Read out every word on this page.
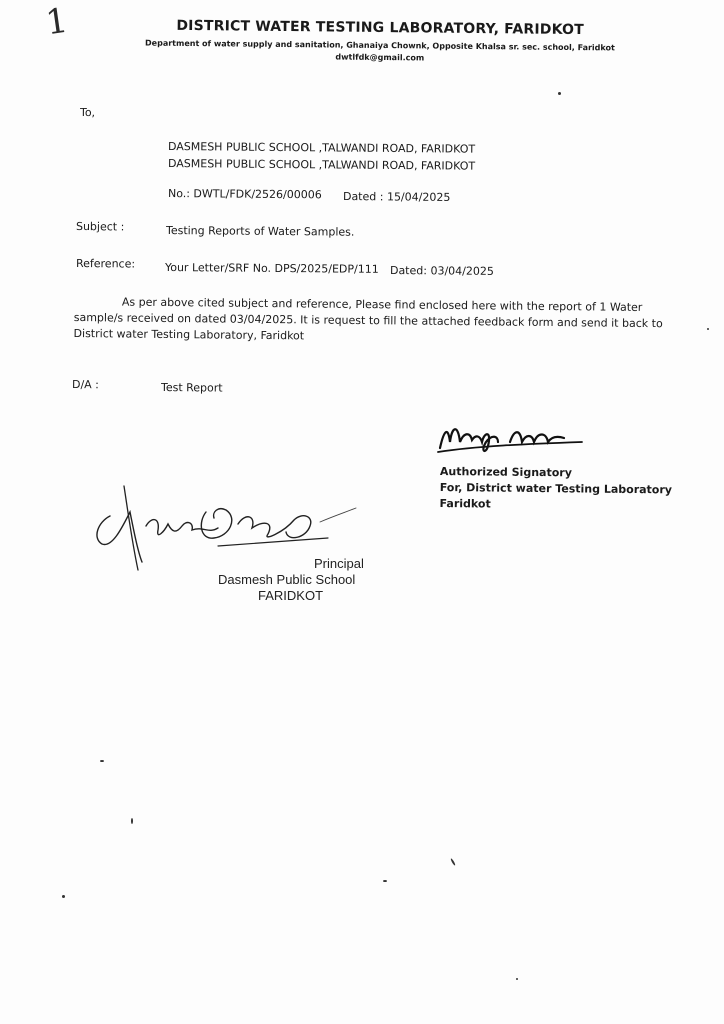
1	DISTRICT WATER TESTING LABORATORY, FARIDKOT
Department of water supply and sanitation, Ghanaiya Chownk, Opposite Khalsa sr. sec. school, Faridkot
dwtlfdk@gmail.com
To,
DASMESH PUBLIC SCHOOL ,TALWANDI ROAD, FARIDKOT
DASMESH PUBLIC SCHOOL ,TALWANDI ROAD, FARIDKOT
No.: DWTL/FDK/2526/00006 Dated : 15/04/2025
Subject :	Testing Reports of Water Samples.
Reference:	Your Letter/SRF No. DPS/2025/EDP/111 Dated: 03/04/2025
As per above cited subject and reference, Please find enclosed here with the report of 1 Water sample/s received on dated 03/04/2025. It is request to fill the attached feedback form and send it back to District water Testing Laboratory, Faridkot
D/A :	Test Report
Authorized Signatory
For, District water Testing Laboratory
Faridkot
Principal
Dasmesh Public School
FARIDKOT
